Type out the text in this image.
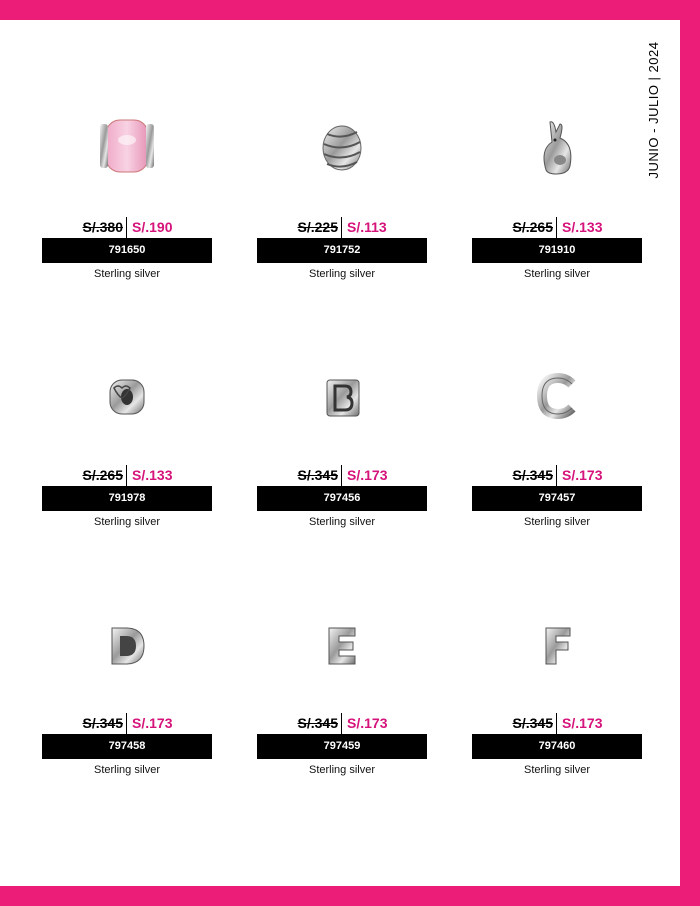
JUNIO - JULIO | 2024
S/.380 S/.190
791650
Sterling silver
S/.225 S/.113
791752
Sterling silver
S/.265 S/.133
791910
Sterling silver
S/.265 S/.133
791978
Sterling silver
S/.345 S/.173
797456
Sterling silver
S/.345 S/.173
797457
Sterling silver
S/.345 S/.173
797458
Sterling silver
S/.345 S/.173
797459
Sterling silver
S/.345 S/.173
797460
Sterling silver
